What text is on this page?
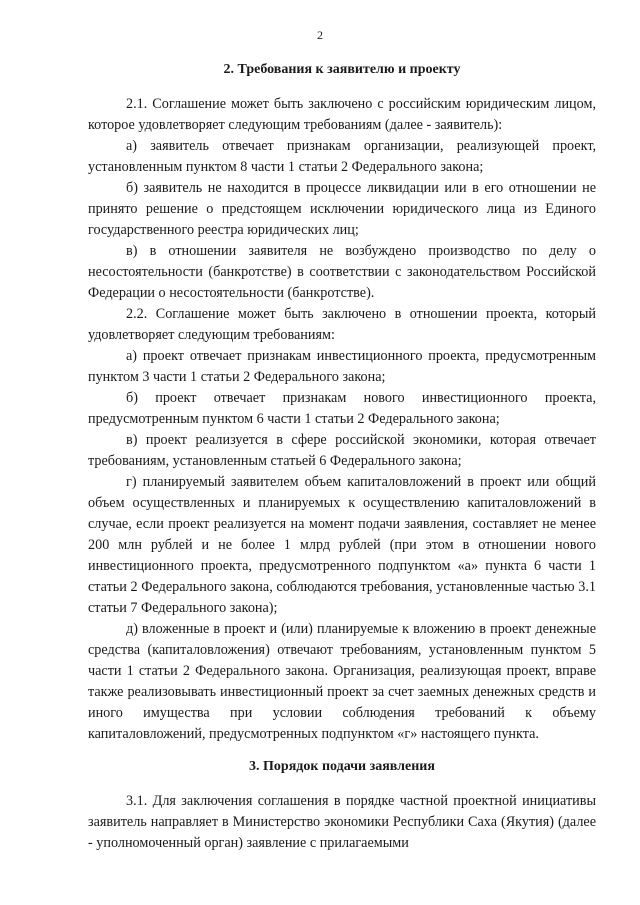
2
2. Требования к заявителю и проекту

2.1. Соглашение может быть заключено с российским юридическим лицом, которое удовлетворяет следующим требованиям (далее - заявитель):

а) заявитель отвечает признакам организации, реализующей проект, установленным пунктом 8 части 1 статьи 2 Федерального закона;

б) заявитель не находится в процессе ликвидации или в его отношении не принято решение о предстоящем исключении юридического лица из Единого государственного реестра юридических лиц;

в) в отношении заявителя не возбуждено производство по делу о несостоятельности (банкротстве) в соответствии с законодательством Российской Федерации о несостоятельности (банкротстве).

2.2. Соглашение может быть заключено в отношении проекта, который удовлетворяет следующим требованиям:

а) проект отвечает признакам инвестиционного проекта, предусмотренным пунктом 3 части 1 статьи 2 Федерального закона;

б) проект отвечает признакам нового инвестиционного проекта, предусмотренным пунктом 6 части 1 статьи 2 Федерального закона;

в) проект реализуется в сфере российской экономики, которая отвечает требованиям, установленным статьей 6 Федерального закона;

г) планируемый заявителем объем капиталовложений в проект или общий объем осуществленных и планируемых к осуществлению капиталовложений в случае, если проект реализуется на момент подачи заявления, составляет не менее 200 млн рублей и не более 1 млрд рублей (при этом в отношении нового инвестиционного проекта, предусмотренного подпунктом «а» пункта 6 части 1 статьи 2 Федерального закона, соблюдаются требования, установленные частью 3.1 статьи 7 Федерального закона);

д) вложенные в проект и (или) планируемые к вложению в проект денежные средства (капиталовложения) отвечают требованиям, установленным пунктом 5 части 1 статьи 2 Федерального закона. Организация, реализующая проект, вправе также реализовывать инвестиционный проект за счет заемных денежных средств и иного имущества при условии соблюдения требований к объему капиталовложений, предусмотренных подпунктом «г» настоящего пункта.

3. Порядок подачи заявления

3.1. Для заключения соглашения в порядке частной проектной инициативы заявитель направляет в Министерство экономики Республики Саха (Якутия) (далее - уполномоченный орган) заявление с прилагаемыми
